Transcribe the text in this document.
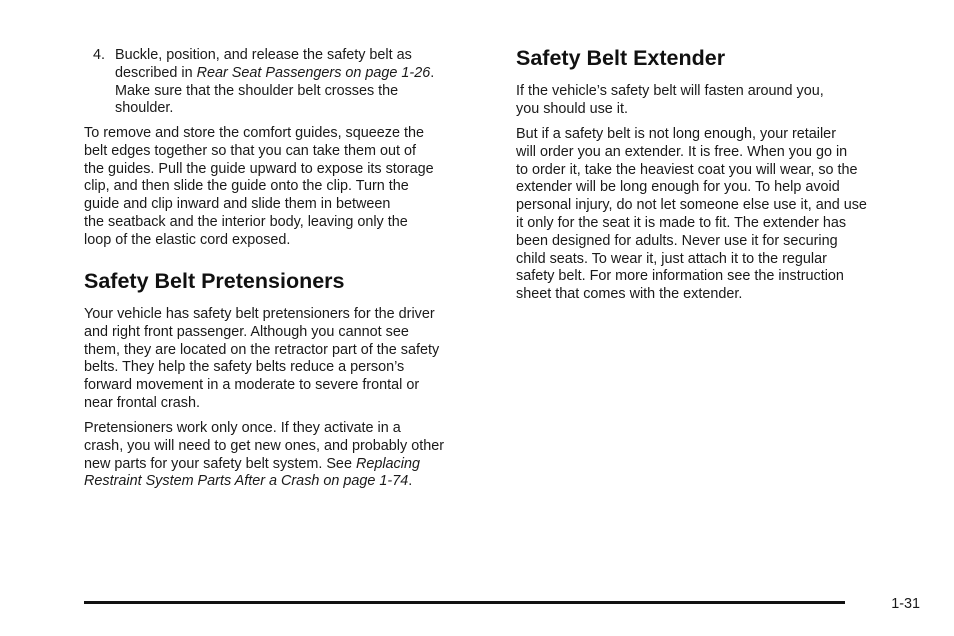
4. Buckle, position, and release the safety belt as
described in Rear Seat Passengers on page 1-26.
Make sure that the shoulder belt crosses the
shoulder.
To remove and store the comfort guides, squeeze the
belt edges together so that you can take them out of
the guides. Pull the guide upward to expose its storage
clip, and then slide the guide onto the clip. Turn the
guide and clip inward and slide them in between
the seatback and the interior body, leaving only the
loop of the elastic cord exposed.
Safety Belt Pretensioners
Your vehicle has safety belt pretensioners for the driver
and right front passenger. Although you cannot see
them, they are located on the retractor part of the safety
belts. They help the safety belts reduce a person’s
forward movement in a moderate to severe frontal or
near frontal crash.
Pretensioners work only once. If they activate in a
crash, you will need to get new ones, and probably other
new parts for your safety belt system. See Replacing
Restraint System Parts After a Crash on page 1-74.
Safety Belt Extender
If the vehicle’s safety belt will fasten around you,
you should use it.
But if a safety belt is not long enough, your retailer
will order you an extender. It is free. When you go in
to order it, take the heaviest coat you will wear, so the
extender will be long enough for you. To help avoid
personal injury, do not let someone else use it, and use
it only for the seat it is made to fit. The extender has
been designed for adults. Never use it for securing
child seats. To wear it, just attach it to the regular
safety belt. For more information see the instruction
sheet that comes with the extender.
1-31
